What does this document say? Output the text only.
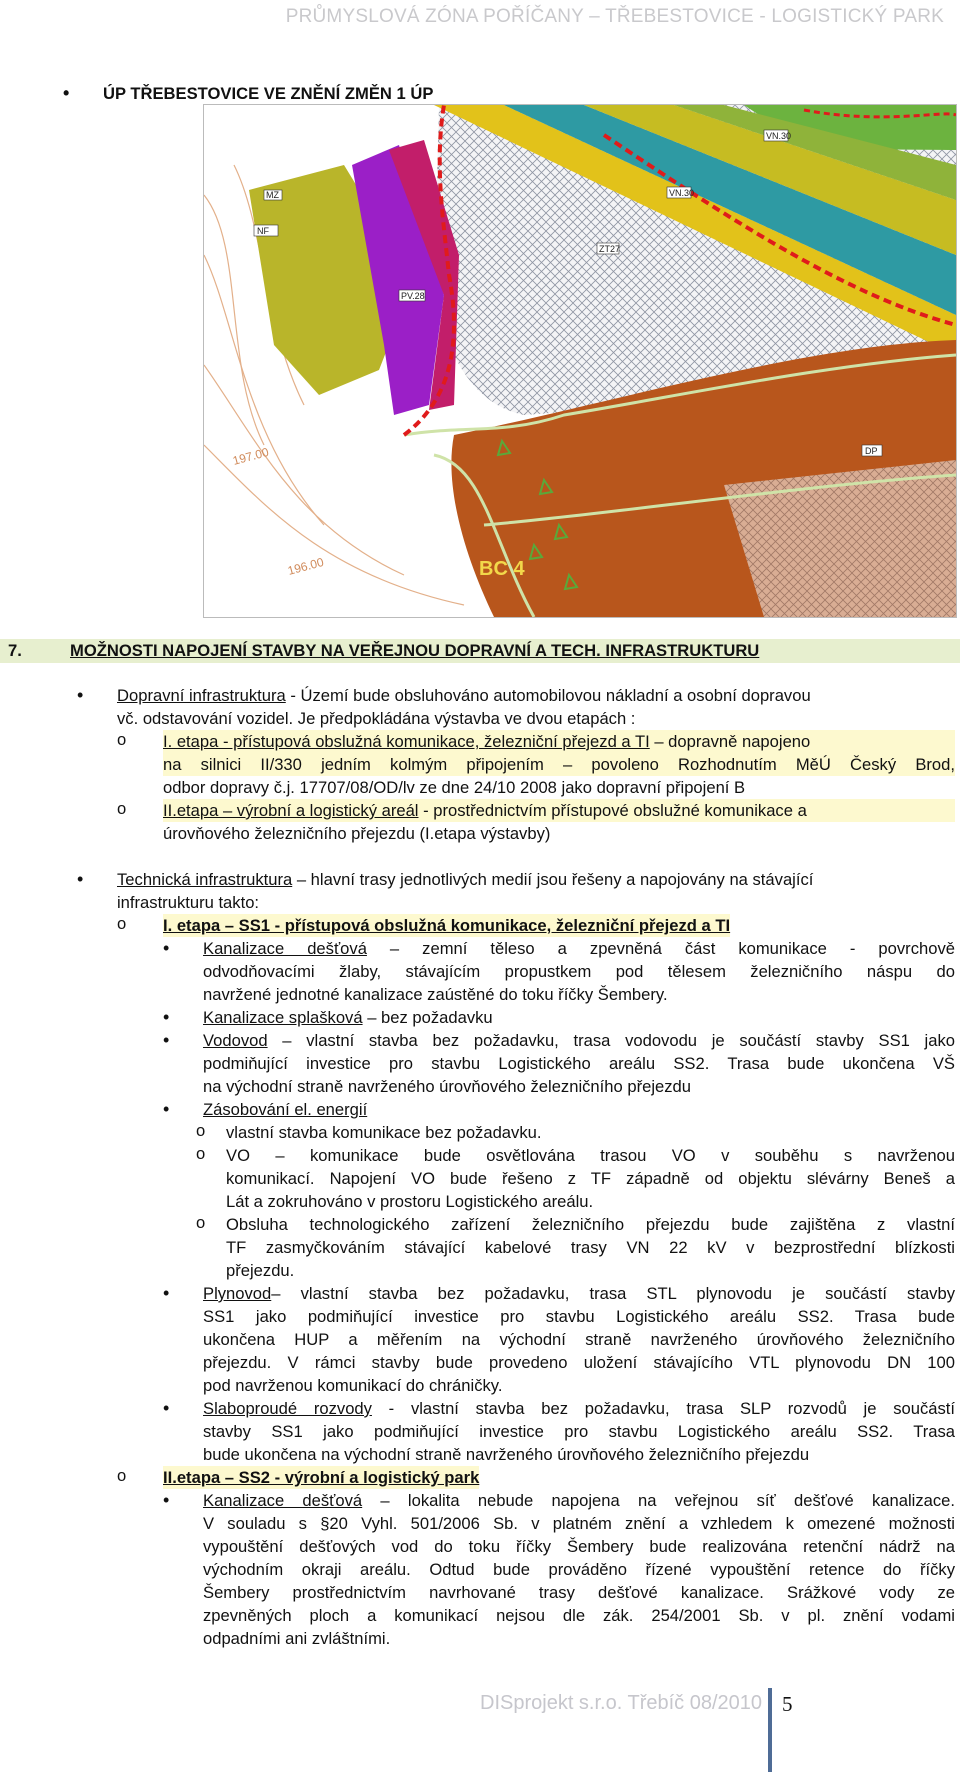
PRŮMYSLOVÁ ZÓNA POŘÍČANY – TŘEBESTOVICE - LOGISTICKÝ PARK
• ÚP TŘEBESTOVICE VE ZNĚNÍ ZMĚN 1 ÚP
NF
PV.28
ZT27
VN.30
VN.30
DP
MZ
BC 4
197.00
196.00
7.	MOŽNOSTI NAPOJENÍ STAVBY NA VEŘEJNOU DOPRAVNÍ A TECH. INFRASTRUKTURU
• Dopravní infrastruktura - Území bude obsluhováno automobilovou nákladní a osobní dopravou
vč. odstavování vozidel. Je předpokládána výstavba ve dvou etapách :
o I. etapa - přístupová obslužná komunikace, železniční přejezd a TI – dopravně napojeno
na silnici II/330 jedním kolmým připojením – povoleno Rozhodnutím MěÚ Český Brod,
odbor dopravy č.j. 17707/08/OD/lv ze dne 24/10 2008 jako dopravní připojení B
o II.etapa – výrobní a logistický areál - prostřednictvím přístupové obslužné komunikace a
úrovňového železničního přejezdu (I.etapa výstavby)
• Technická infrastruktura – hlavní trasy jednotlivých medií jsou řešeny a napojovány na stávající
infrastrukturu takto:
o I. etapa – SS1 - přístupová obslužná komunikace, železniční přejezd a TI
• Kanalizace dešťová – zemní těleso a zpevněná část komunikace - povrchově
odvodňovacími žlaby, stávajícím propustkem pod tělesem železničního náspu do
navržené jednotné kanalizace zaústěné do toku říčky Šembery.
• Kanalizace splašková – bez požadavku
• Vodovod – vlastní stavba bez požadavku, trasa vodovodu je součástí stavby SS1 jako
podmiňující investice pro stavbu Logistického areálu SS2. Trasa bude ukončena VŠ
na východní straně navrženého úrovňového železničního přejezdu
• Zásobování el. energií
o vlastní stavba komunikace bez požadavku.
o VO – komunikace bude osvětlována trasou VO v souběhu s navrženou
komunikací. Napojení VO bude řešeno z TF západně od objektu slévárny Beneš a
Lát a zokruhováno v prostoru Logistického areálu.
o Obsluha technologického zařízení železničního přejezdu bude zajištěna z vlastní
TF zasmyčkováním stávající kabelové trasy VN 22 kV v bezprostřední blízkosti
přejezdu.
• Plynovod– vlastní stavba bez požadavku, trasa STL plynovodu je součástí stavby
SS1 jako podmiňující investice pro stavbu Logistického areálu SS2. Trasa bude
ukončena HUP a měřením na východní straně navrženého úrovňového železničního
přejezdu. V rámci stavby bude provedeno uložení stávajícího VTL plynovodu DN 100
pod navrženou komunikací do chráničky.
• Slaboproudé rozvody - vlastní stavba bez požadavku, trasa SLP rozvodů je součástí
stavby SS1 jako podmiňující investice pro stavbu Logistického areálu SS2. Trasa
bude ukončena na východní straně navrženého úrovňového železničního přejezdu
o II.etapa – SS2 - výrobní a logistický park
• Kanalizace dešťová – lokalita nebude napojena na veřejnou síť dešťové kanalizace.
V souladu s §20 Vyhl. 501/2006 Sb. v platném znění a vzhledem k omezené možnosti
vypouštění dešťových vod do toku říčky Šembery bude realizována retenční nádrž na
východním okraji areálu. Odtud bude prováděno řízené vypouštění retence do říčky
Šembery prostřednictvím navrhované trasy dešťové kanalizace. Srážkové vody ze
zpevněných ploch a komunikací nejsou dle zák. 254/2001 Sb. v pl. znění vodami
odpadními ani zvláštními.
DISprojekt s.r.o. Třebíč 08/2010 5
